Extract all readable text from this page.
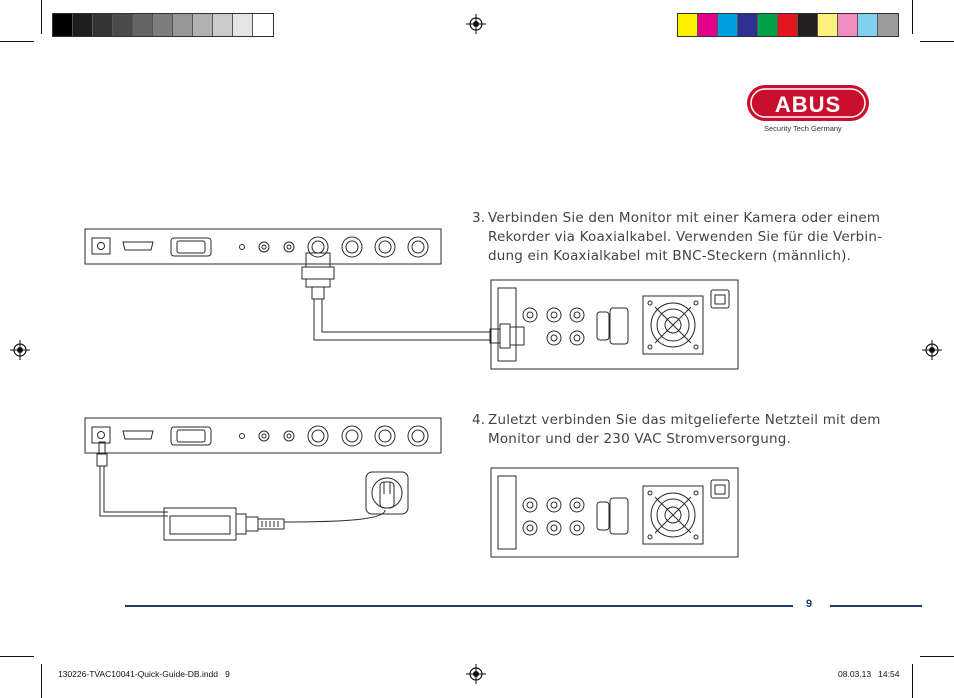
ABUS
Security Tech Germany
3. Verbinden Sie den Monitor mit einer Kamera oder einem
Rekorder via Koaxialkabel. Verwenden Sie für die Verbin-
dung ein Koaxialkabel mit BNC-Steckern (männlich).
4. Zuletzt verbinden Sie das mitgelieferte Netzteil mit dem
Monitor und der 230 VAC Stromversorgung.
9
130226-TVAC10041-Quick-Guide-DB.indd   9	08.03.13   14:54
